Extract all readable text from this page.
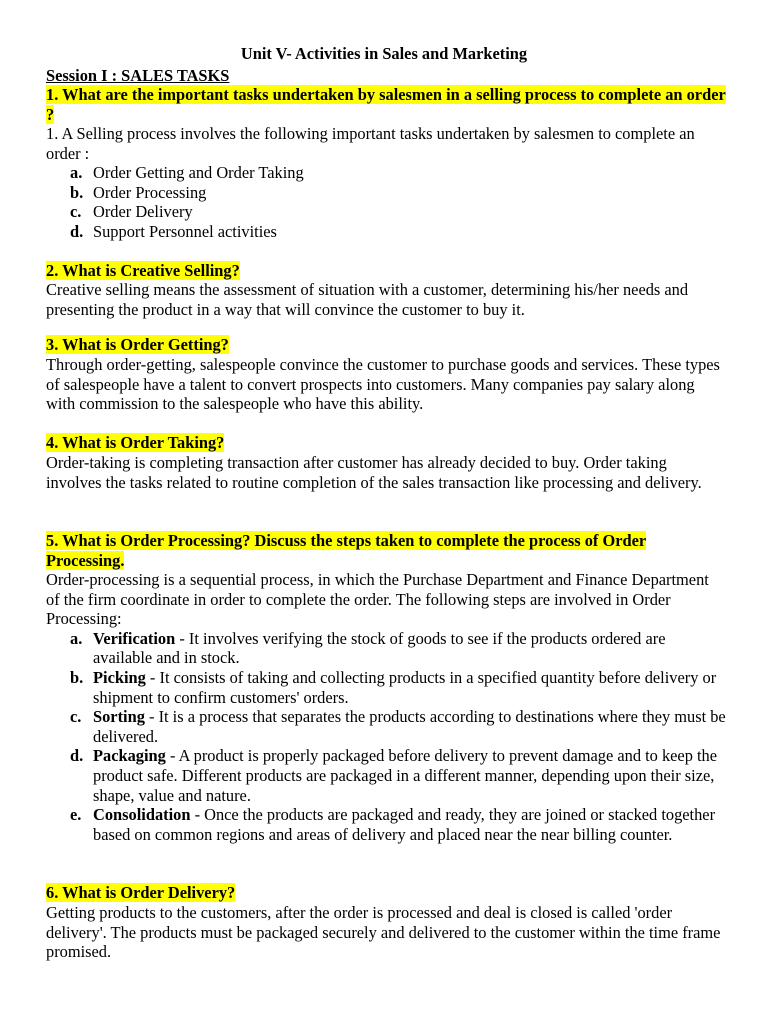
Unit V- Activities in Sales and Marketing
Session I : SALES TASKS
1. What are the important tasks undertaken by salesmen in a selling process to complete an order ?
1. A Selling process involves the following important tasks undertaken by salesmen to complete an order :
a. Order Getting and Order Taking
b. Order Processing
c. Order Delivery
d. Support Personnel activities
2. What is Creative Selling?
Creative selling means the assessment of situation with a customer, determining his/her needs and presenting the product in a way that will convince the customer to buy it.
3. What is Order Getting?
Through order-getting, salespeople convince the customer to purchase goods and services. These types of salespeople have a talent to convert prospects into customers. Many companies pay salary along with commission to the salespeople who have this ability.
4. What is Order Taking?
Order-taking is completing transaction after customer has already decided to buy. Order taking involves the tasks related to routine completion of the sales transaction like processing and delivery.
5. What is Order Processing? Discuss the steps taken to complete the process of Order Processing.
Order-processing is a sequential process, in which the Purchase Department and Finance Department of the firm coordinate in order to complete the order. The following steps are involved in Order Processing:
a. Verification - It involves verifying the stock of goods to see if the products ordered are available and in stock.
b. Picking - It consists of taking and collecting products in a specified quantity before delivery or shipment to confirm customers' orders.
c. Sorting - It is a process that separates the products according to destinations where they must be delivered.
d. Packaging - A product is properly packaged before delivery to prevent damage and to keep the product safe. Different products are packaged in a different manner, depending upon their size, shape, value and nature.
e. Consolidation - Once the products are packaged and ready, they are joined or stacked together based on common regions and areas of delivery and placed near the near billing counter.
6. What is Order Delivery?
Getting products to the customers, after the order is processed and deal is closed is called 'order delivery'. The products must be packaged securely and delivered to the customer within the time frame promised.
